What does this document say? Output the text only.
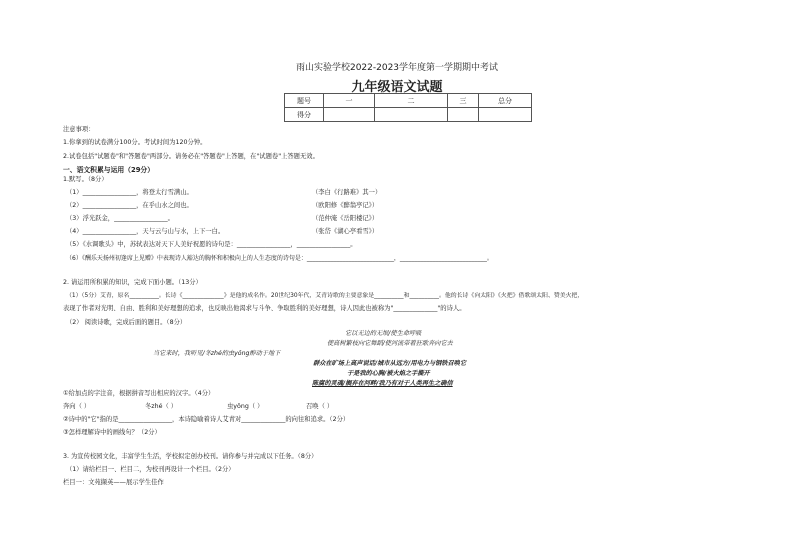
雨山实验学校2022-2023学年度第一学期期中考试
九年级语文试题
题号	一	二	三	总分
得分				
注意事项：
1.你拿到的试卷满分100分。考试时间为120分钟。
2.试卷包括"试题卷"和"答题卷"两部分。请务必在"答题卷"上答题，在"试题卷"上答题无效。
一、语文积累与运用（29分）
1.默写。（8分）
（1）_________________，将登太行雪满山。	（李白《行路难》其一）
（2）_________________，在乎山水之间也。	（欧阳修《醉翁亭记》）
（3）浮光跃金，_________________。	（范仲淹《岳阳楼记》）
（4）_________________，天与云与山与水，上下一白。	（张岱《湖心亭看雪》）
（5）《水调歌头》中，苏轼表达对天下人美好祝愿的诗句是：_________________，_________________。
（6）《酬乐天扬州初逢席上见赠》中表现诗人豁达的胸怀和积极向上的人生态度的诗句是：_____________________________，_____________________________。
2. 请运用所积累的知识，完成下面小题。（13分）
（1）（5分）艾青，原名__________。长诗《______________》是他的成名作。20世纪30年代，艾青诗歌的主要意象是__________和__________。他的长诗《向太阳》《火把》借歌颂太阳、赞美火把，
表现了作者对光明、自由、胜利和美好理想的追求，也反映出他渴求与斗争、争取胜利的美好理想，诗人因此也被称为"______________"的诗人。
（2） 阅读诗歌，完成后面的题目。（8分）
它以无边的无垠/使生命呼吸
使高树繁枝向它舞蹈/使河流带着狂歌奔向它去
当它来时，我听见/冬zhé的虫yǒng醉动于地下
群众在旷场上高声说话/城市从远方/用电力与钢铁召唤它
于是我的心胸/被火焰之手撕开
陈腐的灵魂/搁弃在河畔/我乃有对于人类再生之确信
①给加点的字注音，根据拼音写出相应的汉字。（4分）
奔向（ ）	冬zhé（ ）	虫yǒng（ ）	召唤（ ）
②诗中的"它"指的是_________________，本诗隐喻着诗人艾青对______________的向往和追求。（2分）
③怎样理解诗中的画线句？（2分）
3. 为宣传校园文化，丰富学生生活，学校拟定创办校刊。请你参与并完成以下任务。（8分）
（1）请给栏目一、栏目二，为校刊再设计一个栏目。（2分）
栏目一：文苑撷英——展示学生佳作
